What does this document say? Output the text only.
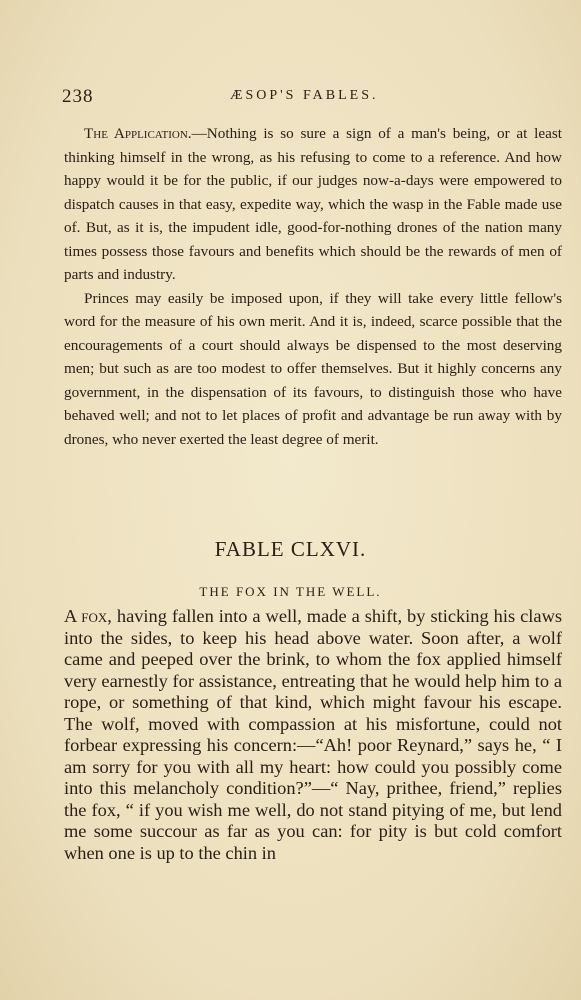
238	ÆSOP'S FABLES.

The Application.—Nothing is so sure a sign of a man's being, or at least thinking himself in the wrong, as his refusing to come to a reference. And how happy would it be for the public, if our judges now-a-days were empowered to dispatch causes in that easy, expedite way, which the wasp in the Fable made use of. But, as it is, the impudent idle, good-for-nothing drones of the nation many times possess those favours and benefits which should be the rewards of men of parts and industry.

Princes may easily be imposed upon, if they will take every little fellow's word for the measure of his own merit. And it is, indeed, scarce possible that the encouragements of a court should always be dispensed to the most deserving men; but such as are too modest to offer themselves. But it highly concerns any government, in the dispensation of its favours, to distinguish those who have behaved well; and not to let places of profit and advantage be run away with by drones, who never exerted the least degree of merit.

FABLE CLXVI.
THE FOX IN THE WELL.

A fox, having fallen into a well, made a shift, by sticking his claws into the sides, to keep his head above water. Soon after, a wolf came and peeped over the brink, to whom the fox applied himself very earnestly for assistance, entreating that he would help him to a rope, or something of that kind, which might favour his escape. The wolf, moved with compassion at his misfortune, could not forbear expressing his concern:—“Ah! poor Reynard,” says he, “ I am sorry for you with all my heart: how could you possibly come into this melancholy condition?”—“ Nay, prithee, friend,” replies the fox, “ if you wish me well, do not stand pitying of me, but lend me some succour as far as you can: for pity is but cold comfort when one is up to the chin in
